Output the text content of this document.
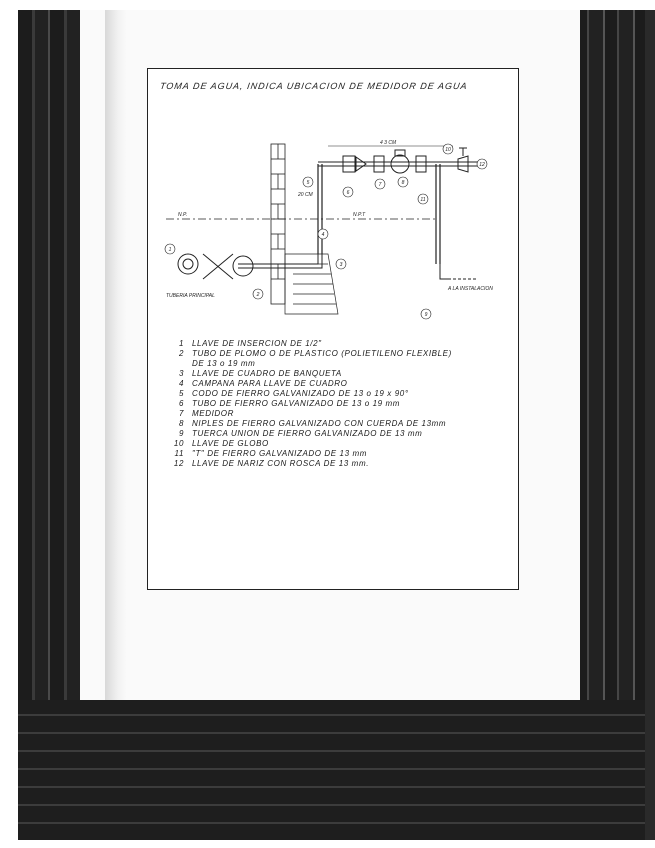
TOMA DE AGUA, INDICA UBICACION DE MEDIDOR DE AGUA
N.P.	N.P.T
4 3 CM
20 CM
TUBERIA PRINCIPAL
A LA INSTALACION
1
2
3
4
5
6
7	8
9
10
11
12
1 LLAVE DE INSERCION DE 1/2"
2 TUBO DE PLOMO O DE PLASTICO (POLIETILENO FLEXIBLE)
DE 13 o 19 mm
3 LLAVE DE CUADRO DE BANQUETA
4 CAMPANA PARA LLAVE DE CUADRO
5 CODO DE FIERRO GALVANIZADO DE 13 o 19 x 90°
6 TUBO DE FIERRO GALVANIZADO DE 13 o 19 mm
7 MEDIDOR
8 NIPLES DE FIERRO GALVANIZADO CON CUERDA DE 13mm
9 TUERCA UNION DE FIERRO GALVANIZADO DE 13 mm
10 LLAVE DE GLOBO
11 "T" DE FIERRO GALVANIZADO DE 13 mm
12 LLAVE DE NARIZ CON ROSCA DE 13 mm.
